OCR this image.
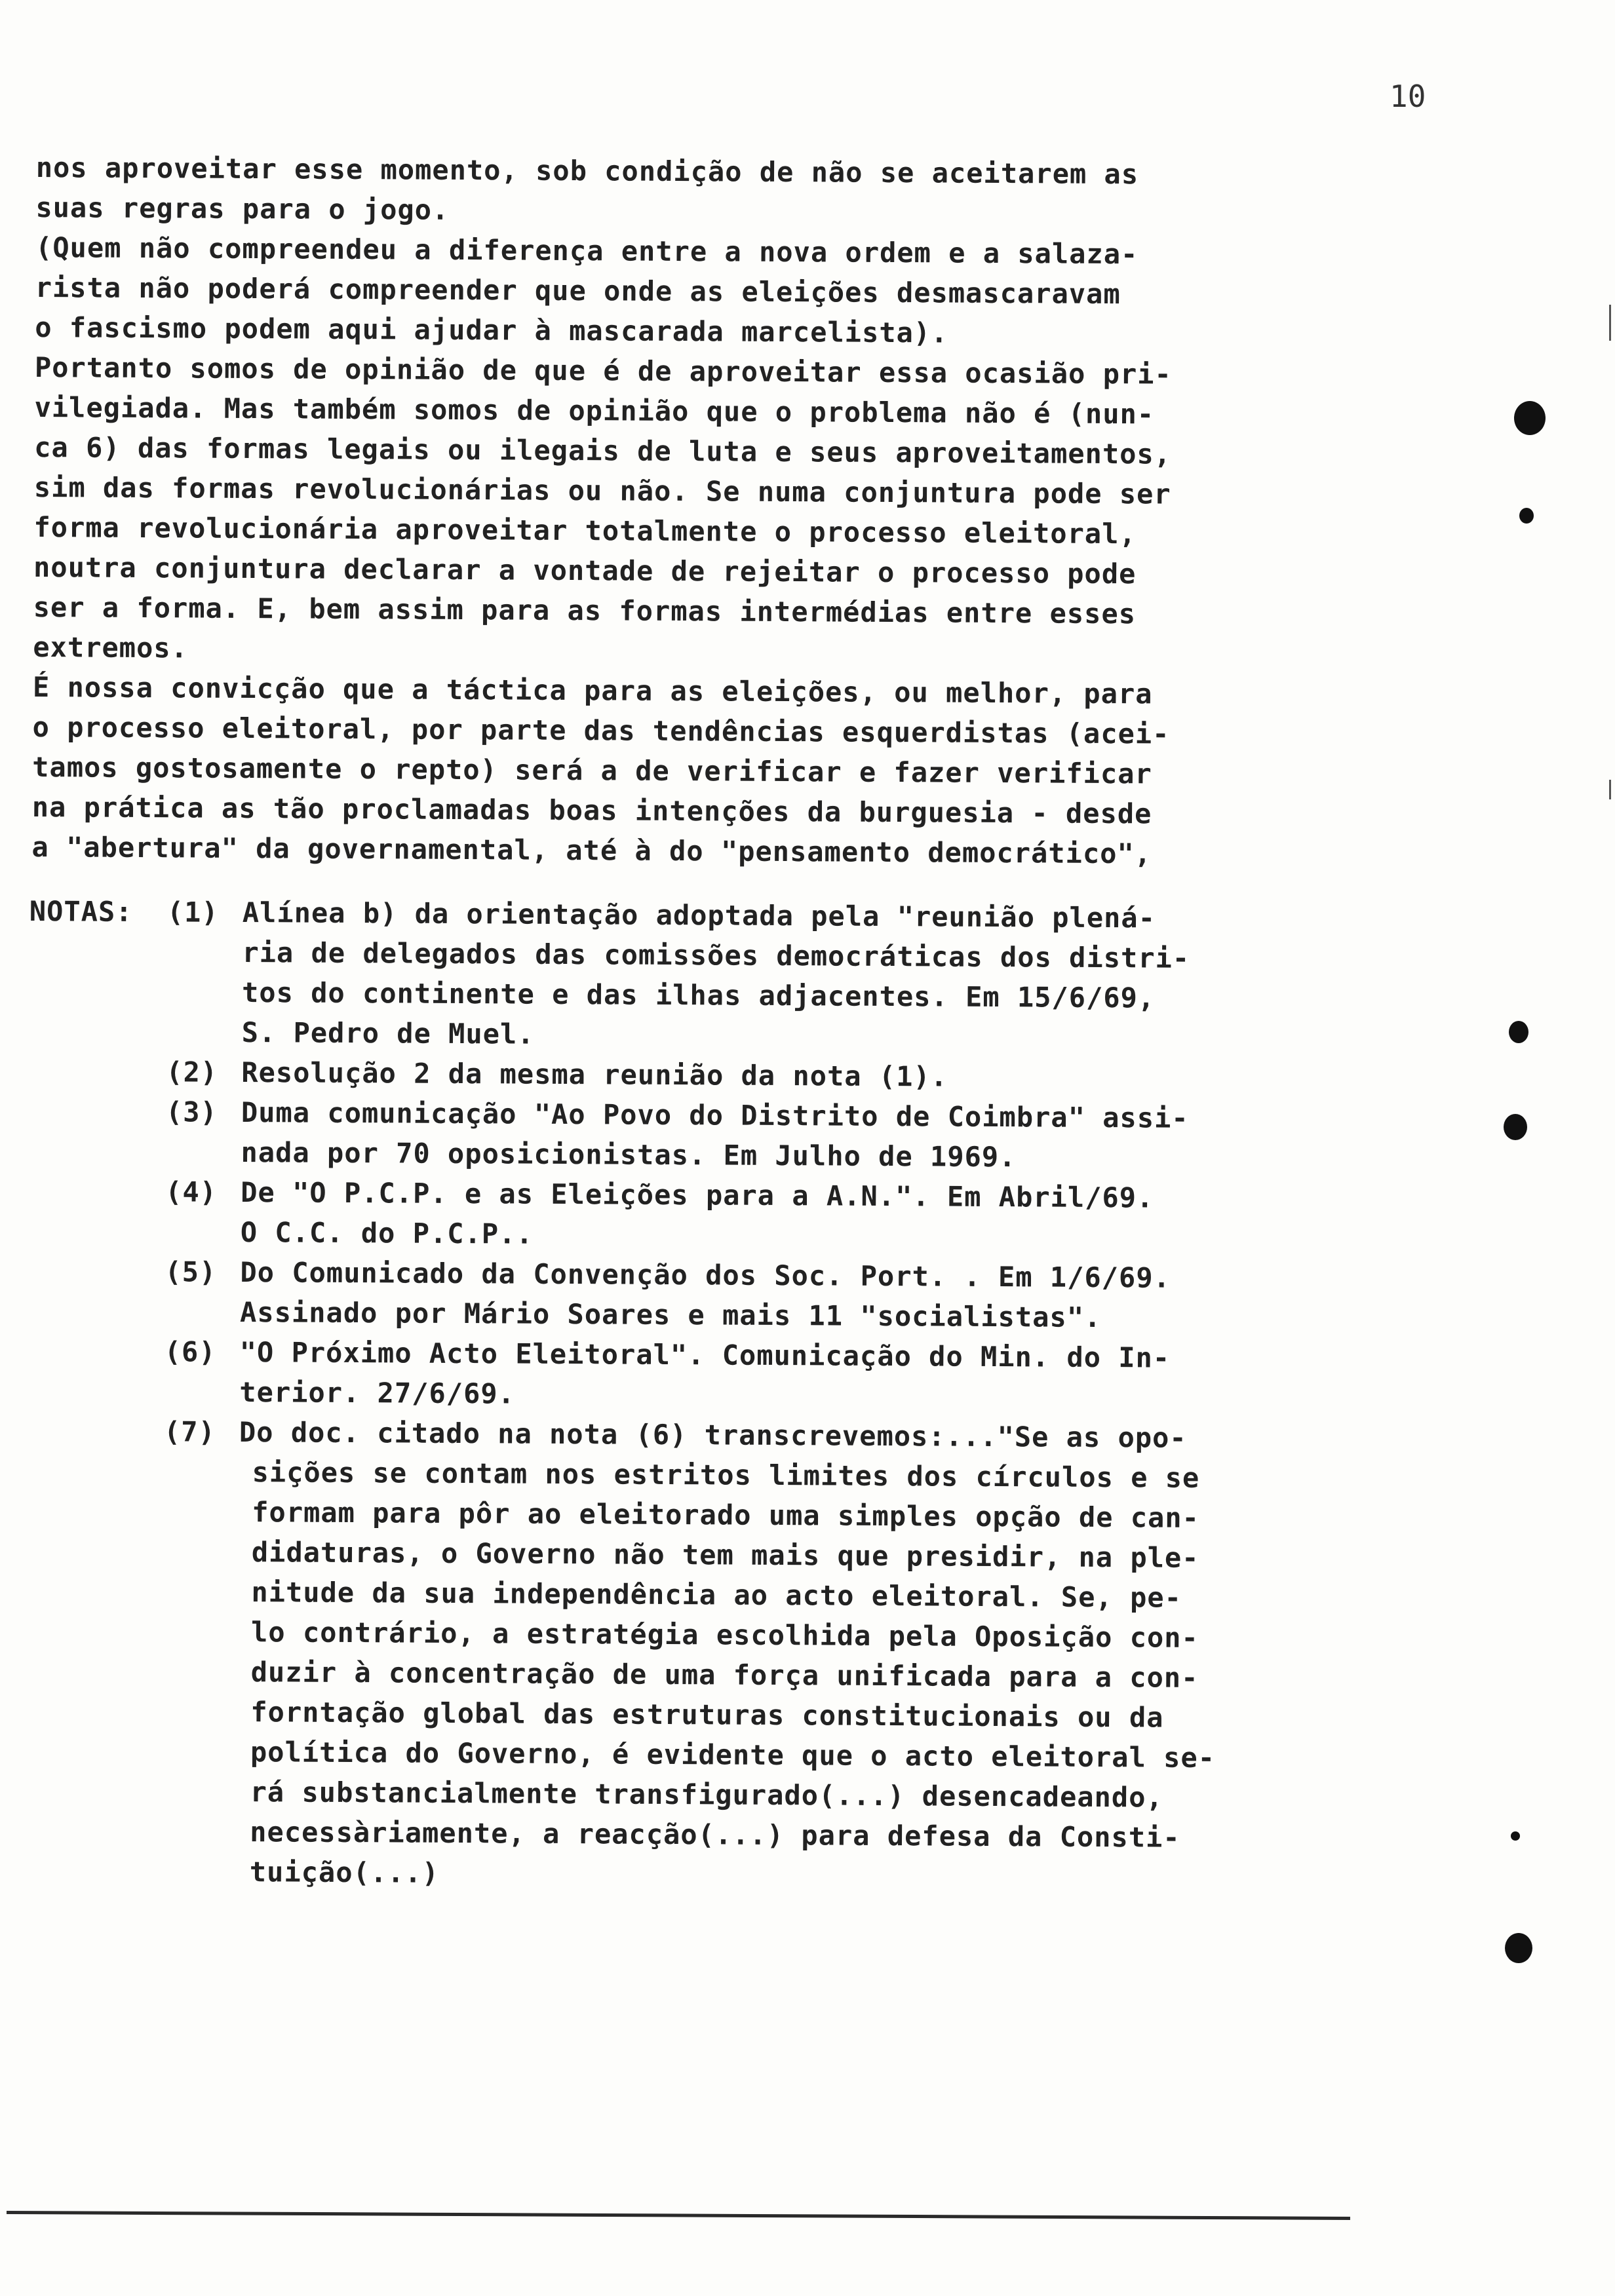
10
nos aproveitar esse momento, sob condição de não se aceitarem as
suas regras para o jogo.
(Quem não compreendeu a diferença entre a nova ordem e a salaza-
rista não poderá compreender que onde as eleições desmascaravam
o fascismo podem aqui ajudar à mascarada marcelista).
Portanto somos de opinião de que é de aproveitar essa ocasião pri-
vilegiada. Mas também somos de opinião que o problema não é (nun-
ca 6) das formas legais ou ilegais de luta e seus aproveitamentos,
sim das formas revolucionárias ou não. Se numa conjuntura pode ser
forma revolucionária aproveitar totalmente o processo eleitoral,
noutra conjuntura declarar a vontade de rejeitar o processo pode
ser a forma. E, bem assim para as formas intermédias entre esses
extremos.
É nossa convicção que a táctica para as eleições, ou melhor, para
o processo eleitoral, por parte das tendências esquerdistas (acei-
tamos gostosamente o repto) será a de verificar e fazer verificar
na prática as tão proclamadas boas intenções da burguesia - desde
a "abertura" da governamental, até à do "pensamento democrático",
NOTAS: (1) Alínea b) da orientação adoptada pela "reunião plená-
ria de delegados das comissões democráticas dos distri-
tos do continente e das ilhas adjacentes. Em 15/6/69,
S. Pedro de Muel.
(2) Resolução 2 da mesma reunião da nota (1).
(3) Duma comunicação "Ao Povo do Distrito de Coimbra" assi-
nada por 70 oposicionistas. Em Julho de 1969.
(4) De "O P.C.P. e as Eleições para a A.N.". Em Abril/69.
O C.C. do P.C.P..
(5) Do Comunicado da Convenção dos Soc. Port. . Em 1/6/69.
Assinado por Mário Soares e mais 11 "socialistas".
(6) "O Próximo Acto Eleitoral". Comunicação do Min. do In-
terior. 27/6/69.
(7) Do doc. citado na nota (6) transcrevemos:..."Se as opo-
sições se contam nos estritos limites dos círculos e se
formam para pôr ao eleitorado uma simples opção de can-
didaturas, o Governo não tem mais que presidir, na ple-
nitude da sua independência ao acto eleitoral. Se, pe-
lo contrário, a estratégia escolhida pela Oposição con-
duzir à concentração de uma força unificada para a con-
forntação global das estruturas constitucionais ou da
política do Governo, é evidente que o acto eleitoral se-
rá substancialmente transfigurado(...) desencadeando,
necessàriamente, a reacção(...) para defesa da Consti-
tuição(...)
